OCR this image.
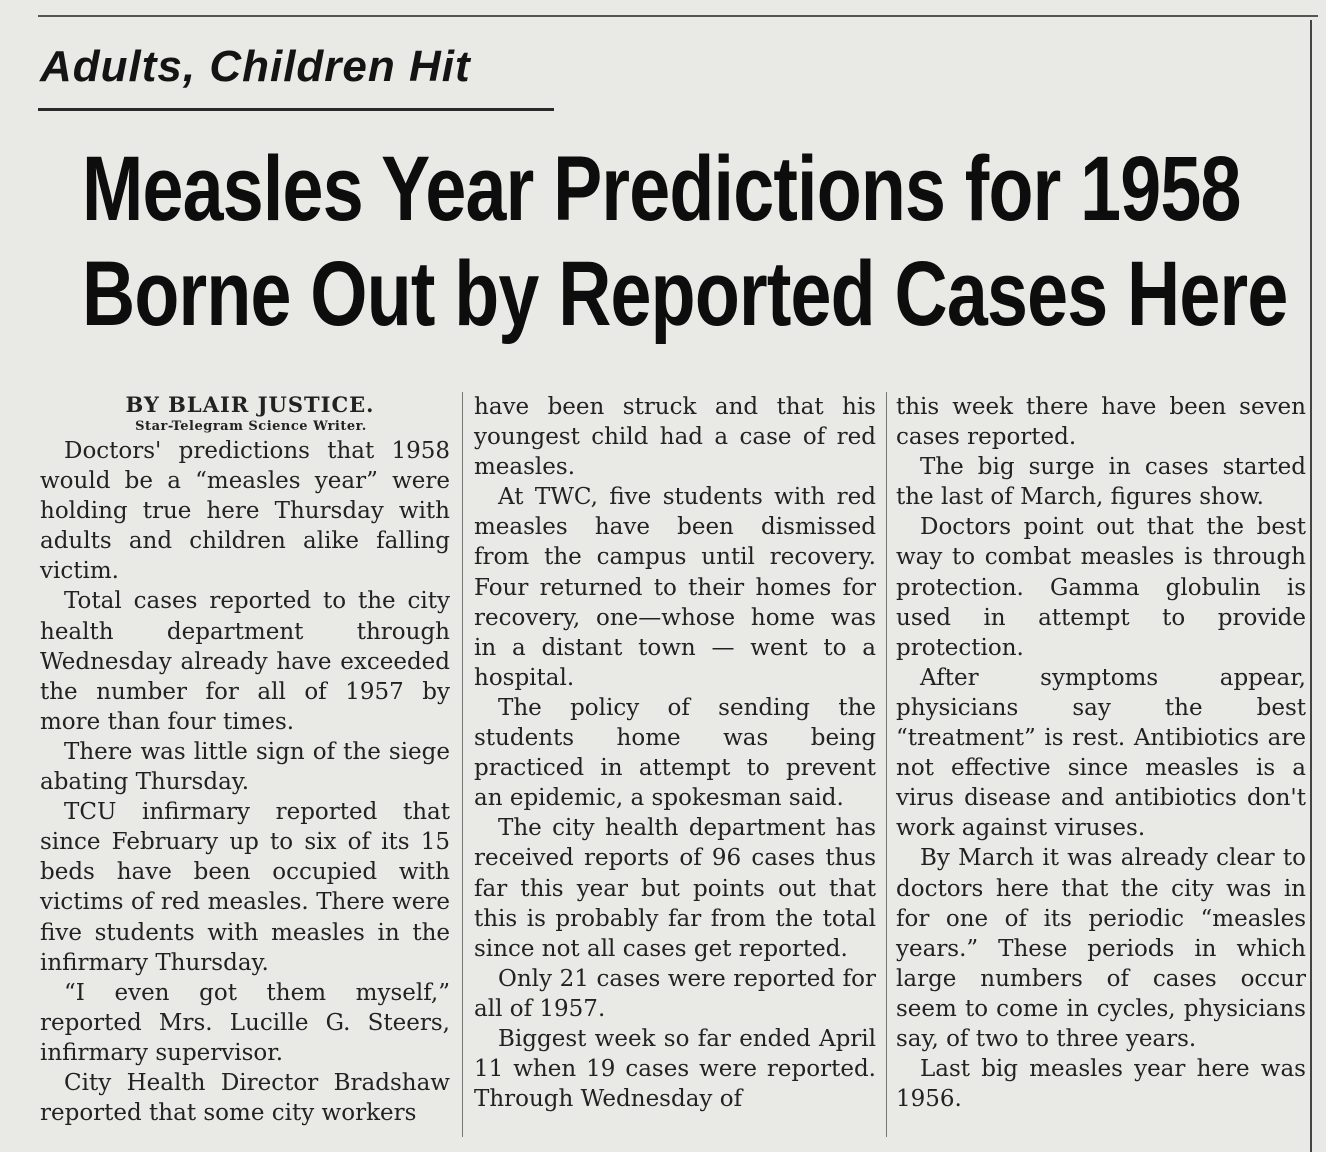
Adults, Children Hit
Measles Year Predictions for 1958
Borne Out by Reported Cases Here

BY BLAIR JUSTICE.

Star-Telegram Science Writer.

Doctors' predictions that 1958 would be a “measles year” were holding true here Thursday with adults and children alike falling victim.

Total cases reported to the city health department through Wednesday already have exceeded the number for all of 1957 by more than four times.

There was little sign of the siege abating Thursday.

TCU infirmary reported that since February up to six of its 15 beds have been occupied with victims of red measles. There were five students with measles in the infirmary Thursday.

“I even got them myself,” reported Mrs. Lucille G. Steers, infirmary supervisor.

City Health Director Bradshaw reported that some city workers

have been struck and that his youngest child had a case of red measles.

At TWC, five students with red measles have been dismissed from the campus until recovery. Four returned to their homes for recovery, one—whose home was in a distant town — went to a hospital.

The policy of sending the students home was being practiced in attempt to prevent an epidemic, a spokesman said.

The city health department has received reports of 96 cases thus far this year but points out that this is probably far from the total since not all cases get reported.

Only 21 cases were reported for all of 1957.

Biggest week so far ended April 11 when 19 cases were reported. Through Wednesday of

this week there have been seven cases reported.

The big surge in cases started the last of March, figures show.

Doctors point out that the best way to combat measles is through protection. Gamma globulin is used in attempt to provide protection.

After symptoms appear, physicians say the best “treatment” is rest. Antibiotics are not effective since measles is a virus disease and antibiotics don't work against viruses.

By March it was already clear to doctors here that the city was in for one of its periodic “measles years.” These periods in which large numbers of cases occur seem to come in cycles, physicians say, of two to three years.

Last big measles year here was 1956.
